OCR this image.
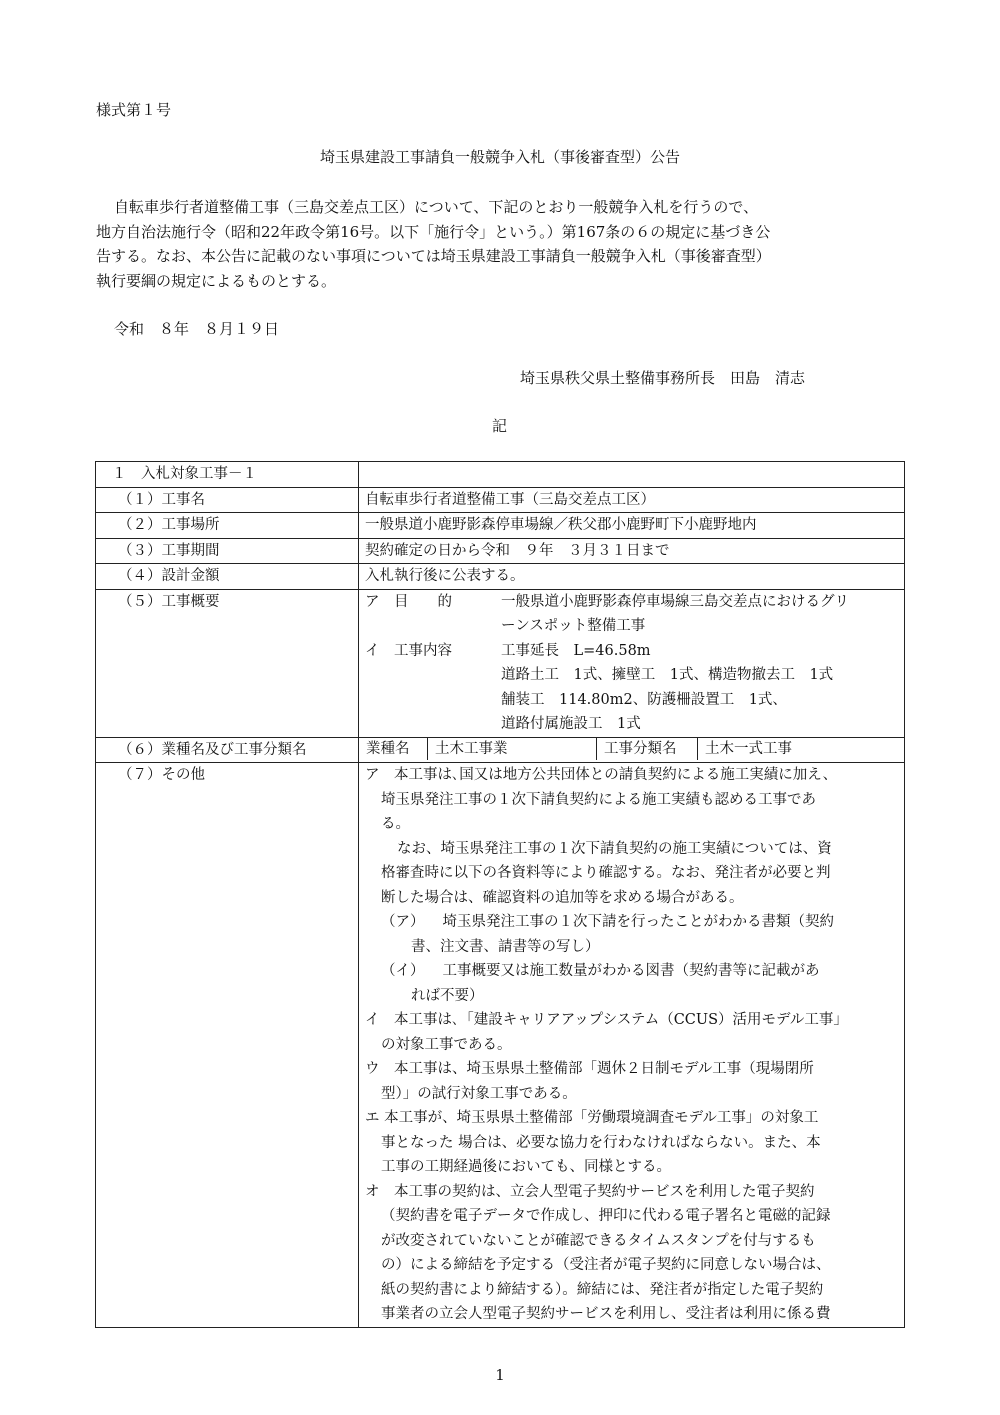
様式第１号
埼玉県建設工事請負一般競争入札（事後審査型）公告
自転車歩行者道整備工事（三島交差点工区）について、下記のとおり一般競争入札を行うので、
地方自治法施行令（昭和22年政令第16号。以下「施行令」という。）第167条の６の規定に基づき公
告する。なお、本公告に記載のない事項については埼玉県建設工事請負一般競争入札（事後審査型）
執行要綱の規定によるものとする。
令和　８年　８月１９日
埼玉県秩父県土整備事務所長　田島　清志
記
１　入札対象工事－１	
（１）工事名	自転車歩行者道整備工事（三島交差点工区）
（２）工事場所	一般県道小鹿野影森停車場線／秩父郡小鹿野町下小鹿野地内
（３）工事期間	契約確定の日から令和　９年　３月３１日まで
（４）設計金額	入札執行後に公表する。
（５）工事概要	ア　目　　的	一般県道小鹿野影森停車場線三島交差点におけるグリ
ーンスポット整備工事
イ　工事内容	工事延長　L=46.58m
道路土工　1式、擁壁工　1式、構造物撤去工　1式
舗装工　114.80m2、防護柵設置工　1式、
道路付属施設工　1式

（６）業種名及び工事分類名		業種名	土木工事業	工事分類名	土木一式工事

（７）その他	ア　本工事は､国又は地方公共団体との請負契約による施工実績に加え、
埼玉県発注工事の１次下請負契約による施工実績も認める工事であ
る。
なお、埼玉県発注工事の１次下請負契約の施工実績については、資
格審査時に以下の各資料等により確認する。なお、発注者が必要と判
断した場合は、確認資料の追加等を求める場合がある。
（ア） 埼玉県発注工事の１次下請を行ったことがわかる書類（契約
書、注文書、請書等の写し）
（イ） 工事概要又は施工数量がわかる図書（契約書等に記載があ
れば不要）
イ　本工事は､「建設キャリアアップシステム（CCUS）活用モデル工事」
の対象工事である。
ウ　本工事は、埼玉県県土整備部「週休２日制モデル工事（現場閉所
型）」の試行対象工事である。
エ 本工事が、埼玉県県土整備部「労働環境調査モデル工事」の対象工
事となった 場合は、必要な協力を行わなければならない。また、本
工事の工期経過後においても、同様とする。
オ　本工事の契約は、立会人型電子契約サービスを利用した電子契約
（契約書を電子データで作成し、押印に代わる電子署名と電磁的記録
が改変されていないことが確認できるタイムスタンプを付与するも
の）による締結を予定する（受注者が電子契約に同意しない場合は、
紙の契約書により締結する）。締結には、発注者が指定した電子契約
事業者の立会人型電子契約サービスを利用し、受注者は利用に係る費
1
